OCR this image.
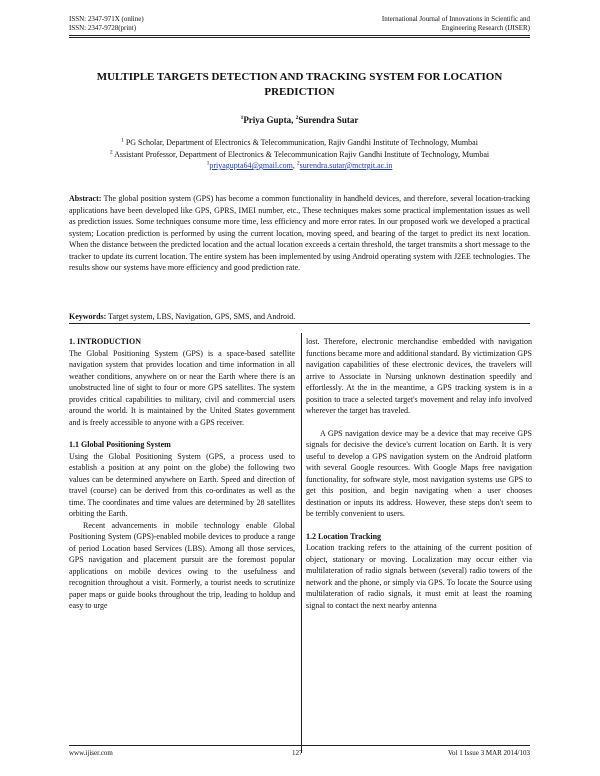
ISSN: 2347-971X (online)
ISSN: 2347-9728(print)
International Journal of Innovations in Scientific and
Engineering Research (IJISER)
MULTIPLE TARGETS DETECTION AND TRACKING SYSTEM FOR LOCATION PREDICTION
$^1$Priya Gupta, $^2$Surendra Sutar
$^1$ PG Scholar, Department of Electronics & Telecommunication, Rajiv Gandhi Institute of Technology, Mumbai
$^2$ Assistant Professor, Department of Electronics & Telecommunication Rajiv Gandhi Institute of Technology, Mumbai
$^1$priyagupta64@gmail.com, $^2$surendra.sutar@mctrgit.ac.in
Abstract: The global position system (GPS) has become a common functionality in handheld devices, and therefore, several location-tracking applications have been developed like GPS, GPRS, IMEI number, etc., These techniques makes some practical implementation issues as well as prediction issues. Some techniques consume more time, less efficiency and more error rates. In our proposed work we developed a practical system; Location prediction is performed by using the current location, moving speed, and bearing of the target to predict its next location. When the distance between the predicted location and the actual location exceeds a certain threshold, the target transmits a short message to the tracker to update its current location. The entire system has been implemented by using Android operating system with J2EE technologies. The results show our systems have more efficiency and good prediction rate.
Keywords: Target system, LBS, Navigation, GPS, SMS, and Android.

1. INTRODUCTION

The Global Positioning System (GPS) is a space-based satellite navigation system that provides location and time information in all weather conditions, anywhere on or near the Earth where there is an unobstructed line of sight to four or more GPS satellites. The system provides critical capabilities to military, civil and commercial users around the world. It is maintained by the United States government and is freely accessible to anyone with a GPS receiver.

1.1 Global Positioning System

Using the Global Positioning System (GPS, a process used to establish a position at any point on the globe) the following two values can be determined anywhere on Earth. Speed and direction of travel (course) can be derived from this co-ordinates as well as the time. The coordinates and time values are determined by 28 satellites orbiting the Earth.

Recent advancements in mobile technology enable Global Positioning System (GPS)-enabled mobile devices to produce a range of period Location based Services (LBS). Among all those services, GPS navigation and placement pursuit are the foremost popular applications on mobile devices owing to the usefulness and recognition throughout a visit. Formerly, a tourist needs to scrutinize paper maps or guide books throughout the trip, leading to holdup and easy to urge

lost. Therefore, electronic merchandise embedded with navigation functions became more and additional standard. By victimization GPS navigation capabilities of these electronic devices, the travelers will arrive to Associate in Nursing unknown destination speedily and effortlessly. At the in the meantime, a GPS tracking system is in a position to trace a selected target's movement and relay info involved wherever the target has traveled.

A GPS navigation device may be a device that may receive GPS signals for decisive the device's current location on Earth. It is very useful to develop a GPS navigation system on the Android platform with several Google resources. With Google Maps free navigation functionality, for software style, most navigation systems use GPS to get this position, and begin navigating when a user chooses destination or inputs its address. However, these steps don't seem to be terribly convenient to users.

1.2 Location Tracking

Location tracking refers to the attaining of the current position of object, stationary or moving. Localization may occur either via multilateration of radio signals between (several) radio towers of the network and the phone, or simply via GPS. To locate the Source using multilateration of radio signals, it must emit at least the roaming signal to contact the next nearby antenna

www.ijiser.com	127	Vol 1 Issue 3 MAR 2014/103
